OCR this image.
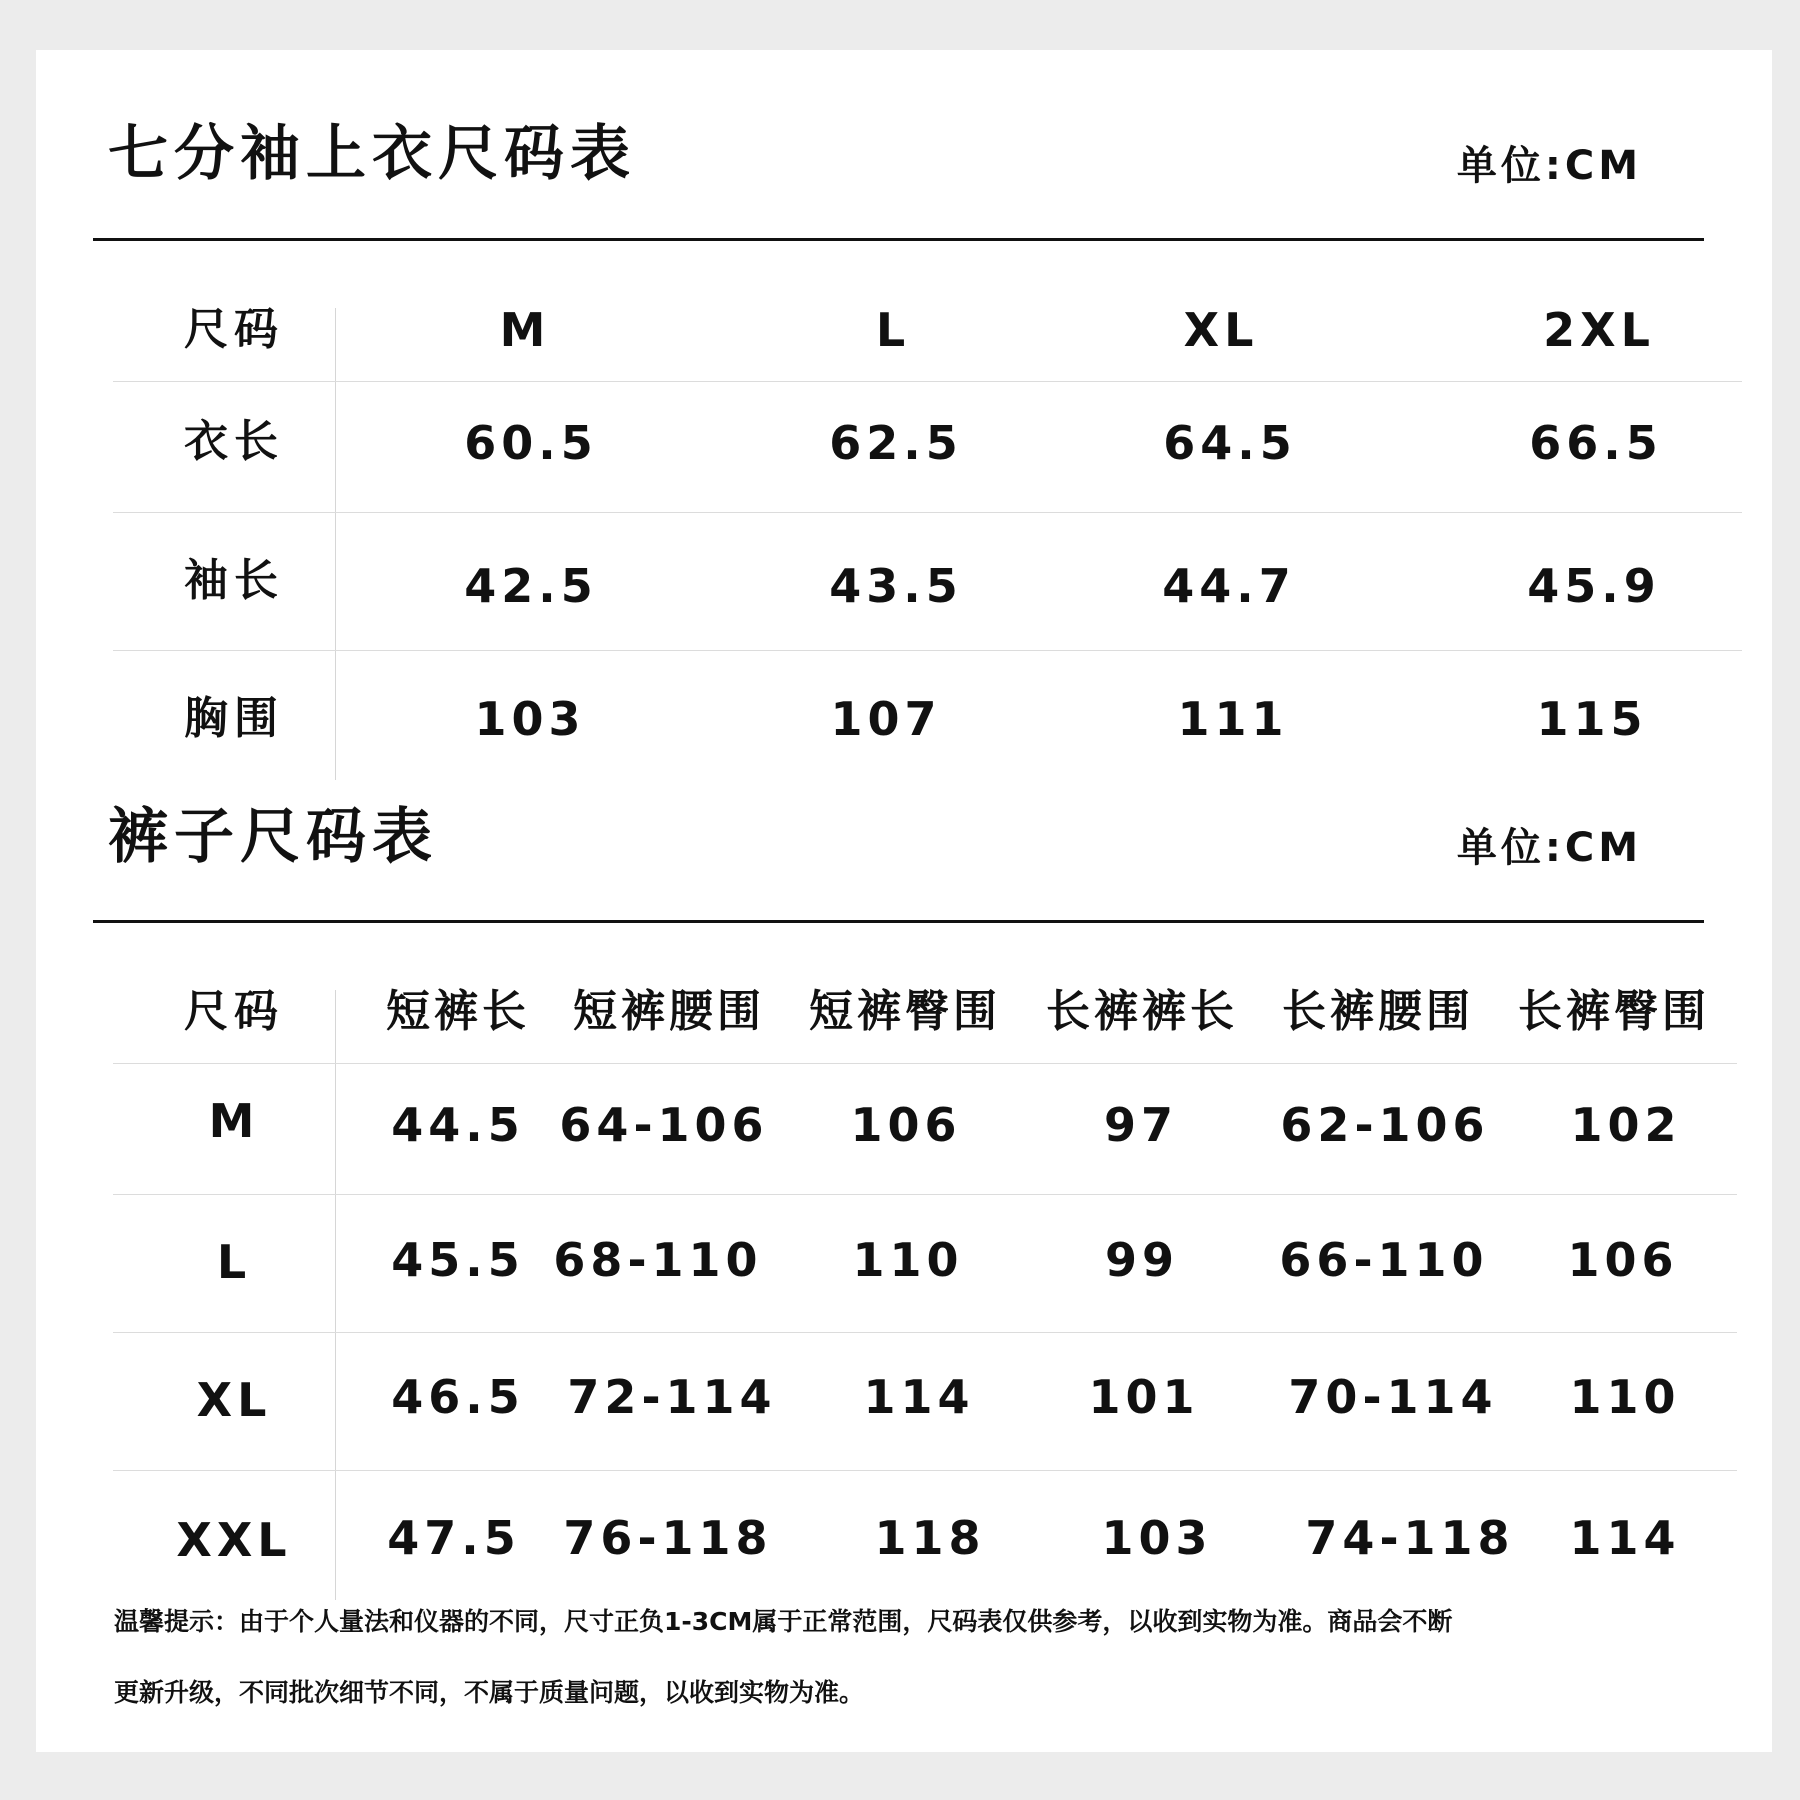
七分袖上衣尺码表	单位:CM
尺码	M	L	XL	2XL
衣长	60.5	62.5	64.5	66.5
袖长	42.5	43.5	44.7	45.9
胸围	103	107	111	115
裤子尺码表	单位:CM
尺码 短裤长 短裤腰围 短裤臀围 长裤裤长 长裤腰围 长裤臀围
M	44.5 64-106 106	97 62-106 102
L	45.5 68-110 110	99 66-110 106
XL	46.5 72-114 114 101 70-114 110
XXL 47.5 76-118 118	103 74-118 114

温馨提示：由于个人量法和仪器的不同，尺寸正负1-3CM属于正常范围，尺码表仅供参考，以收到实物为准。商品会不断

更新升级，不同批次细节不同，不属于质量问题，以收到实物为准。
